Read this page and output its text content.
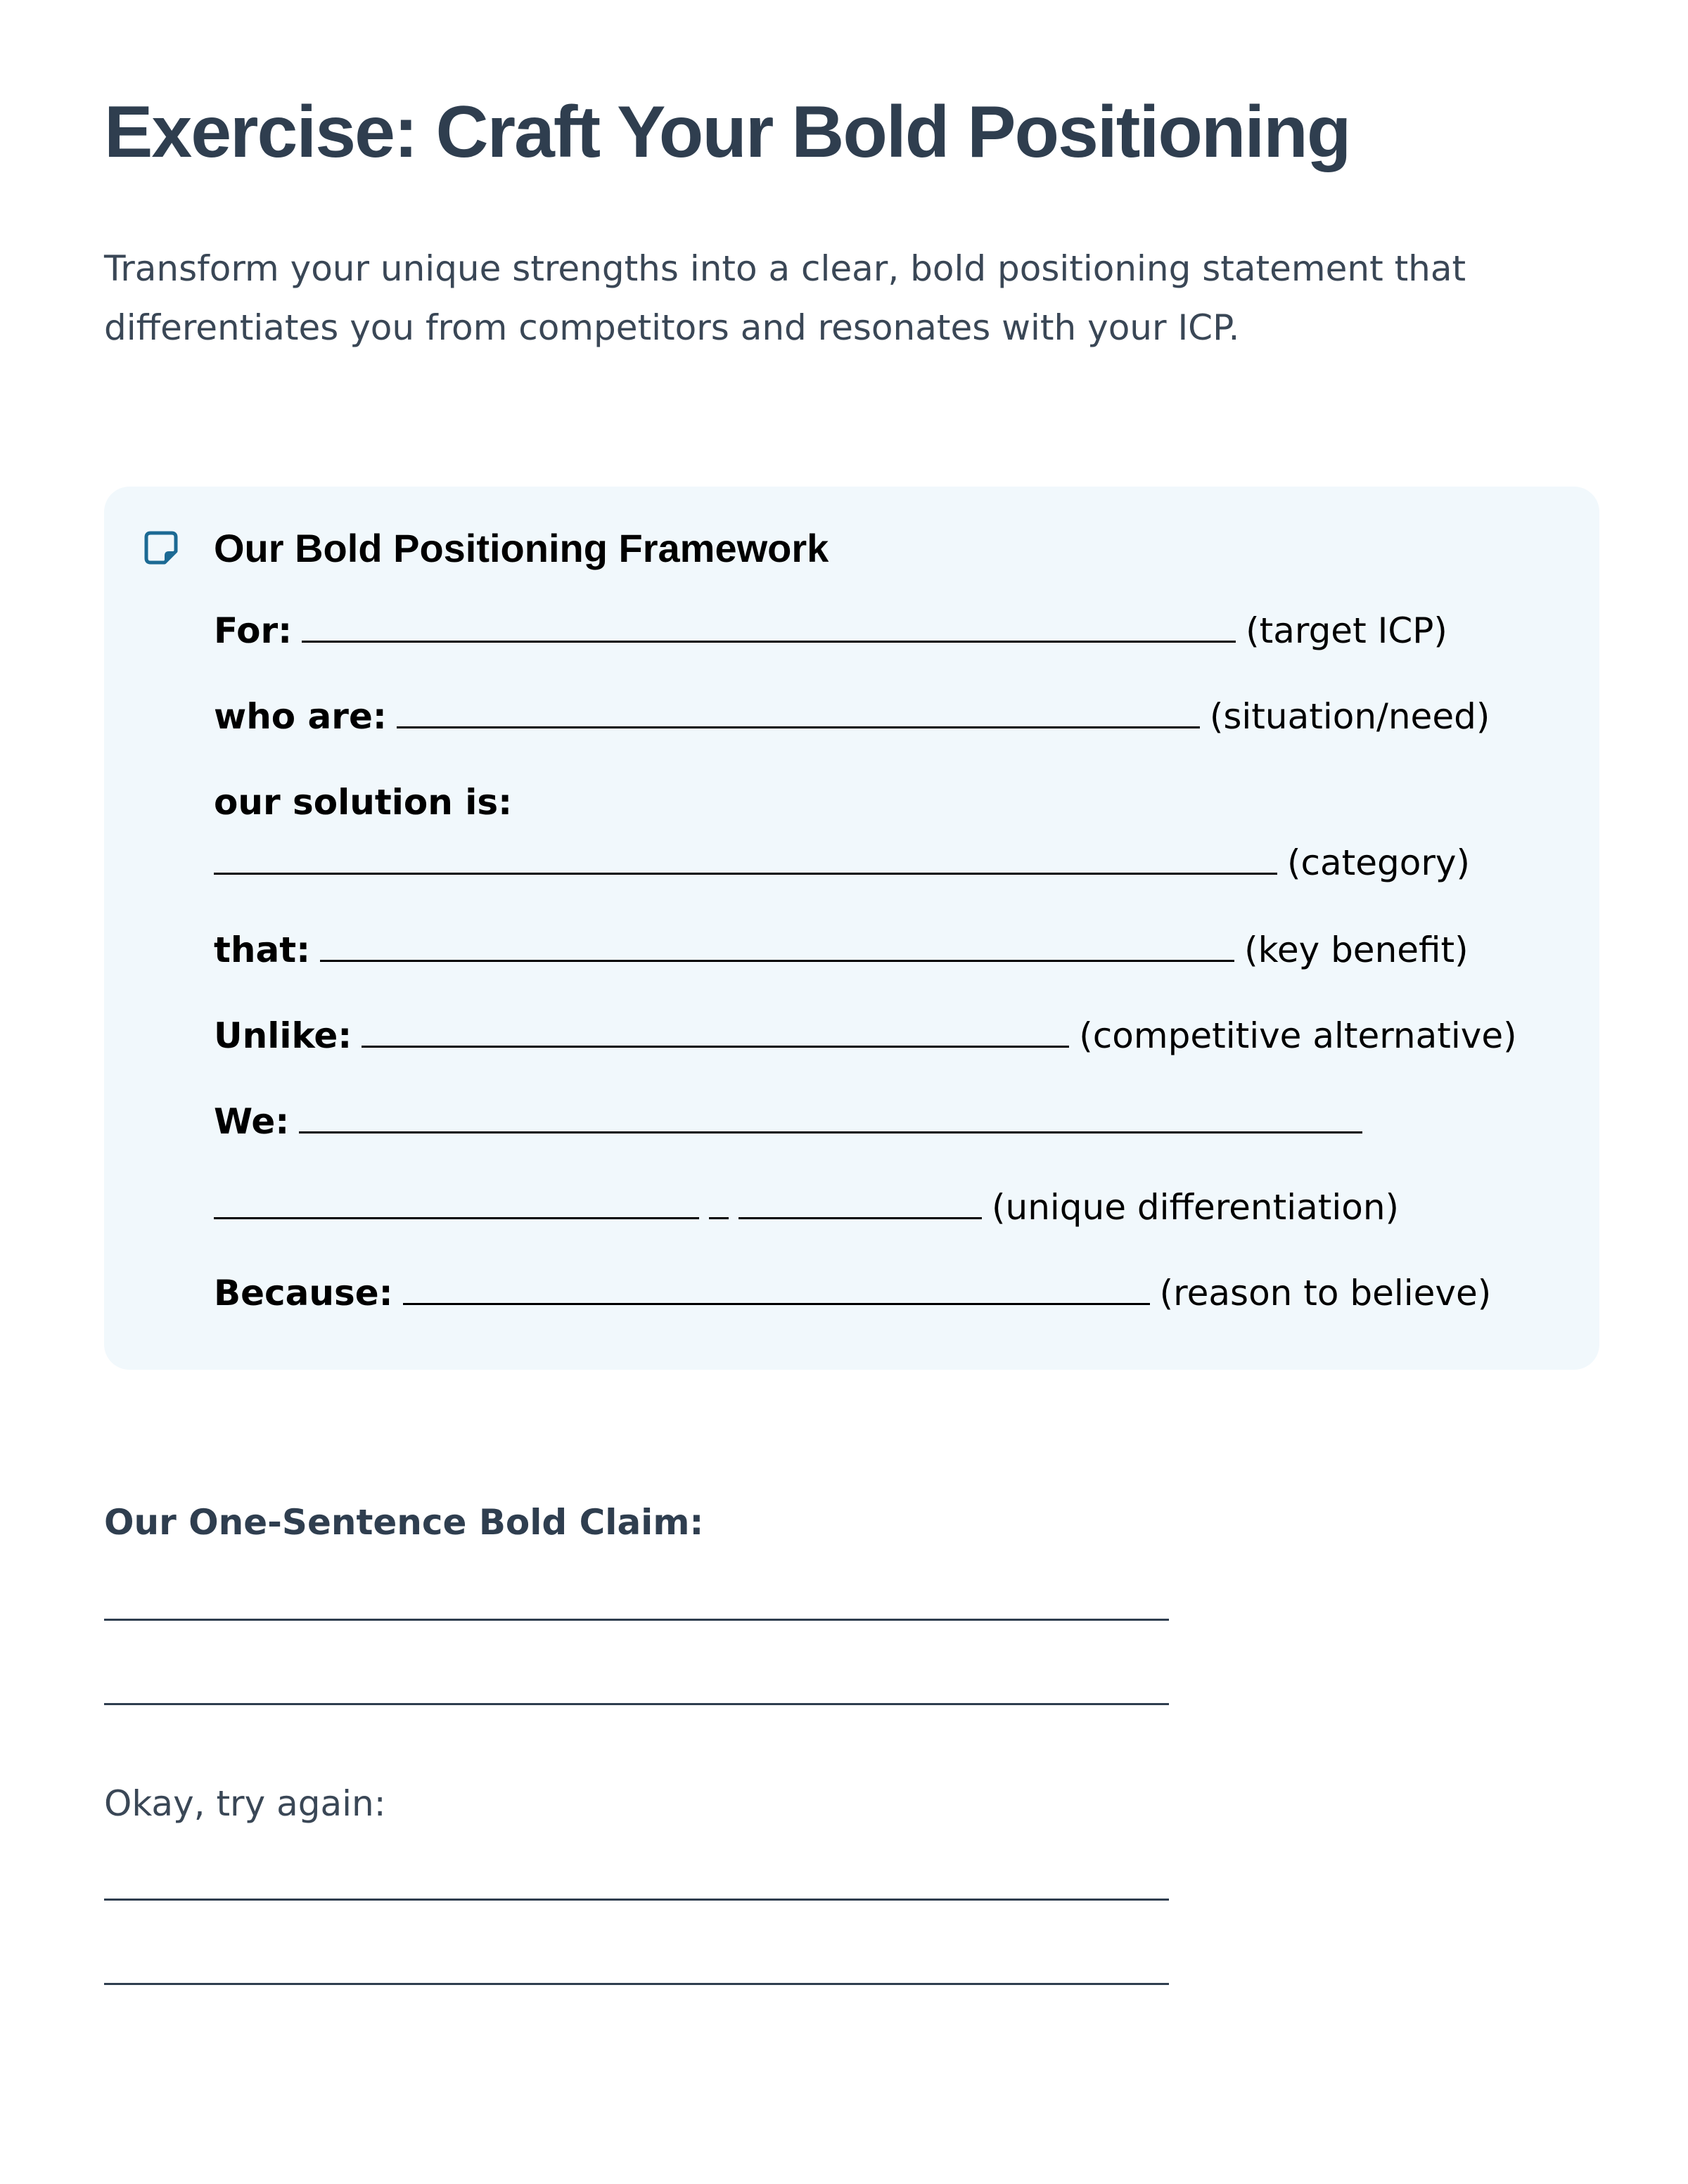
Exercise: Craft Your Bold Positioning

Transform your unique strengths into a clear, bold positioning statement that differentiates you from competitors and resonates with your ICP.

Our Bold Positioning Framework
For:	(target ICP)
who are:	(situation/need)
our solution is:
(category)
that:	(key benefit)
Unlike:	(competitive alternative)
We:
(unique differentiation)
Because:	(reason to believe)
Our One-Sentence Bold Claim:

Okay, try again:
